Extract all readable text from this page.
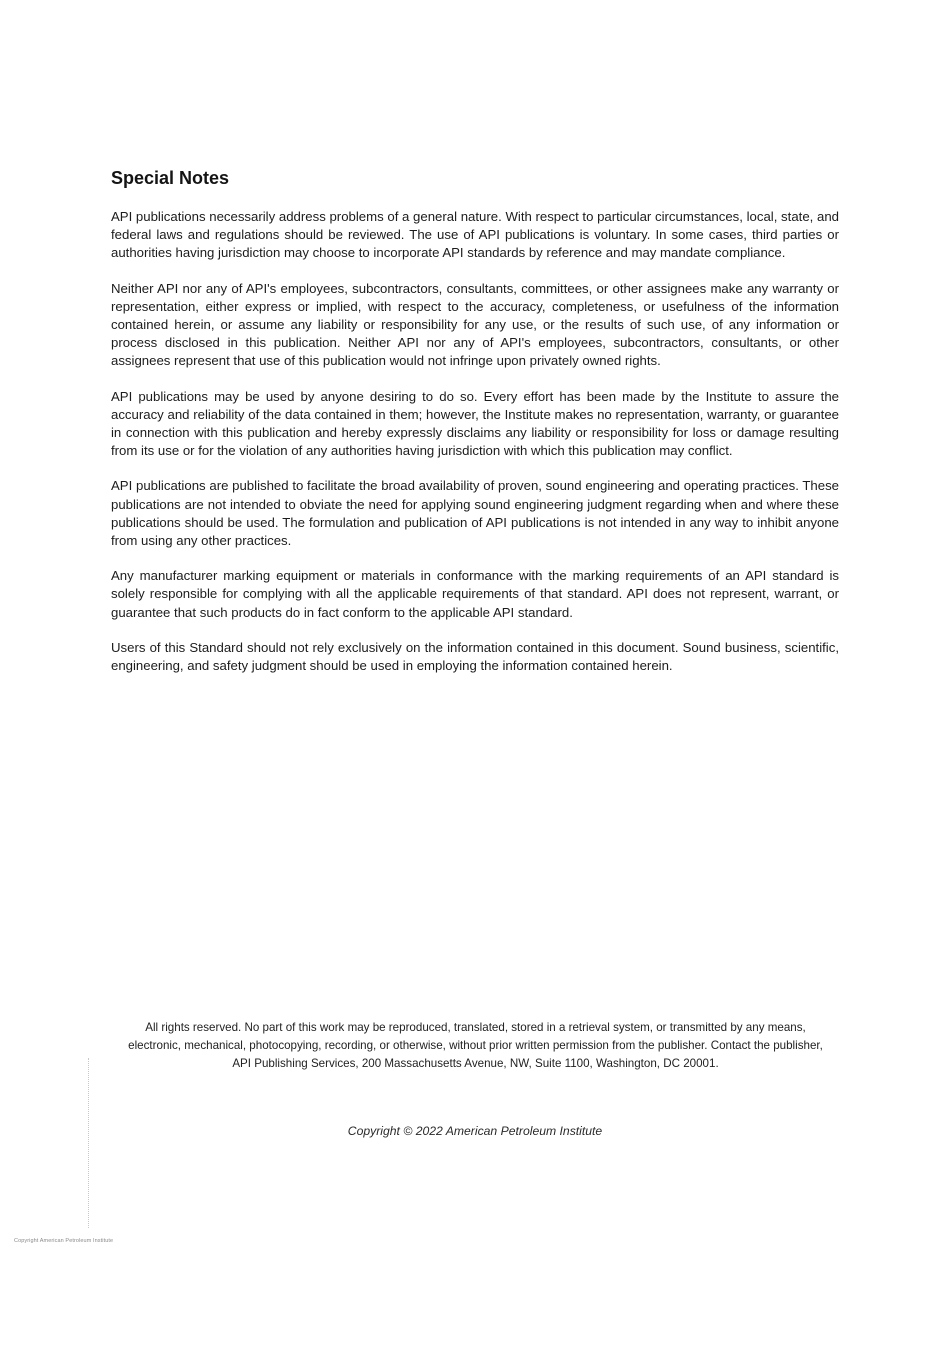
Special Notes

API publications necessarily address problems of a general nature. With respect to particular circumstances, local, state, and federal laws and regulations should be reviewed. The use of API publications is voluntary. In some cases, third parties or authorities having jurisdiction may choose to incorporate API standards by reference and may mandate compliance.

Neither API nor any of API's employees, subcontractors, consultants, committees, or other assignees make any warranty or representation, either express or implied, with respect to the accuracy, completeness, or usefulness of the information contained herein, or assume any liability or responsibility for any use, or the results of such use, of any information or process disclosed in this publication. Neither API nor any of API's employees, subcontractors, consultants, or other assignees represent that use of this publication would not infringe upon privately owned rights.

API publications may be used by anyone desiring to do so. Every effort has been made by the Institute to assure the accuracy and reliability of the data contained in them; however, the Institute makes no representation, warranty, or guarantee in connection with this publication and hereby expressly disclaims any liability or responsibility for loss or damage resulting from its use or for the violation of any authorities having jurisdiction with which this publication may conflict.

API publications are published to facilitate the broad availability of proven, sound engineering and operating practices. These publications are not intended to obviate the need for applying sound engineering judgment regarding when and where these publications should be used. The formulation and publication of API publications is not intended in any way to inhibit anyone from using any other practices.

Any manufacturer marking equipment or materials in conformance with the marking requirements of an API standard is solely responsible for complying with all the applicable requirements of that standard. API does not represent, warrant, or guarantee that such products do in fact conform to the applicable API standard.

Users of this Standard should not rely exclusively on the information contained in this document. Sound business, scientific, engineering, and safety judgment should be used in employing the information contained herein.

All rights reserved. No part of this work may be reproduced, translated, stored in a retrieval system, or transmitted by any means, electronic, mechanical, photocopying, recording, or otherwise, without prior written permission from the publisher. Contact the publisher, API Publishing Services, 200 Massachusetts Avenue, NW, Suite 1100, Washington, DC 20001.

Copyright © 2022 American Petroleum Institute

Copyright American Petroleum Institute
